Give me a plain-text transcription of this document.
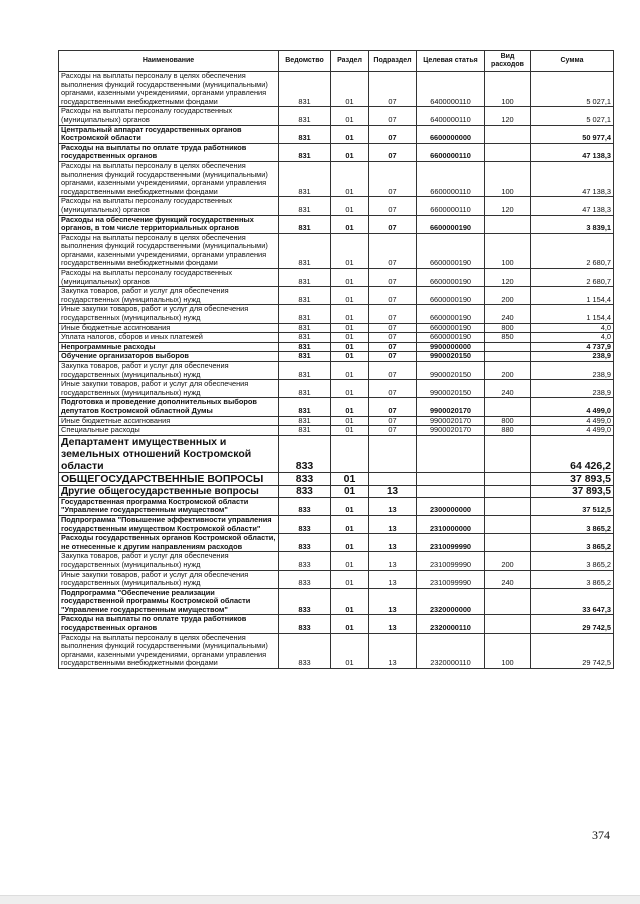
Наименование	Ведомство	Раздел	Подраздел	Целевая статья	Вид расходов	Сумма
Расходы на выплаты персоналу в целях обеспечения выполнения функций государственными (муниципальными) органами, казенными учреждениями, органами управления государственными внебюджетными фондами	831	01	07	6400000110	100	5 027,1
Расходы на выплаты персоналу государственных (муниципальных) органов	831	01	07	6400000110	120	5 027,1
Центральный аппарат государственных органов Костромской области	831	01	07	6600000000		50 977,4
Расходы на выплаты по оплате труда работников государственных органов	831	01	07	6600000110		47 138,3
Расходы на выплаты персоналу в целях обеспечения выполнения функций государственными (муниципальными) органами, казенными учреждениями, органами управления государственными внебюджетными фондами	831	01	07	6600000110	100	47 138,3
Расходы на выплаты персоналу государственных (муниципальных) органов	831	01	07	6600000110	120	47 138,3
Расходы на обеспечение функций государственных органов, в том числе территориальных органов	831	01	07	6600000190		3 839,1
Расходы на выплаты персоналу в целях обеспечения выполнения функций государственными (муниципальными) органами, казенными учреждениями, органами управления государственными внебюджетными фондами	831	01	07	6600000190	100	2 680,7
Расходы на выплаты персоналу государственных (муниципальных) органов	831	01	07	6600000190	120	2 680,7
Закупка товаров, работ и услуг для обеспечения государственных (муниципальных) нужд	831	01	07	6600000190	200	1 154,4
Иные закупки товаров, работ и услуг для обеспечения государственных (муниципальных) нужд	831	01	07	6600000190	240	1 154,4
Иные бюджетные ассигнования	831	01	07	6600000190	800	4,0
Уплата налогов, сборов и иных платежей	831	01	07	6600000190	850	4,0
Непрограммные расходы	831	01	07	9900000000		4 737,9
Обучение организаторов выборов	831	01	07	9900020150		238,9
Закупка товаров, работ и услуг для обеспечения государственных (муниципальных) нужд	831	01	07	9900020150	200	238,9
Иные закупки товаров, работ и услуг для обеспечения государственных (муниципальных) нужд	831	01	07	9900020150	240	238,9
Подготовка и проведение дополнительных выборов депутатов Костромской областной Думы	831	01	07	9900020170		4 499,0
Иные бюджетные ассигнования	831	01	07	9900020170	800	4 499,0
Специальные расходы	831	01	07	9900020170	880	4 499,0
Департамент имущественных и земельных отношений Костромской области	833					64 426,2
ОБЩЕГОСУДАРСТВЕННЫЕ ВОПРОСЫ	833	01				37 893,5
Другие общегосударственные вопросы	833	01	13			37 893,5
Государственная программа Костромской области "Управление государственным имуществом"	833	01	13	2300000000		37 512,5
Подпрограмма "Повышение эффективности управления государственным имуществом Костромской области"	833	01	13	2310000000		3 865,2
Расходы государственных органов Костромской области, не отнесенные к другим направлениям расходов	833	01	13	2310099990		3 865,2
Закупка товаров, работ и услуг для обеспечения государственных (муниципальных) нужд	833	01	13	2310099990	200	3 865,2
Иные закупки товаров, работ и услуг для обеспечения государственных (муниципальных) нужд	833	01	13	2310099990	240	3 865,2
Подпрограмма "Обеспечение реализации государственной программы Костромской области "Управление государственным имуществом"	833	01	13	2320000000		33 647,3
Расходы на выплаты по оплате труда работников государственных органов	833	01	13	2320000110		29 742,5
Расходы на выплаты персоналу в целях обеспечения выполнения функций государственными (муниципальными) органами, казенными учреждениями, органами управления государственными внебюджетными фондами	833	01	13	2320000110	100	29 742,5
374
